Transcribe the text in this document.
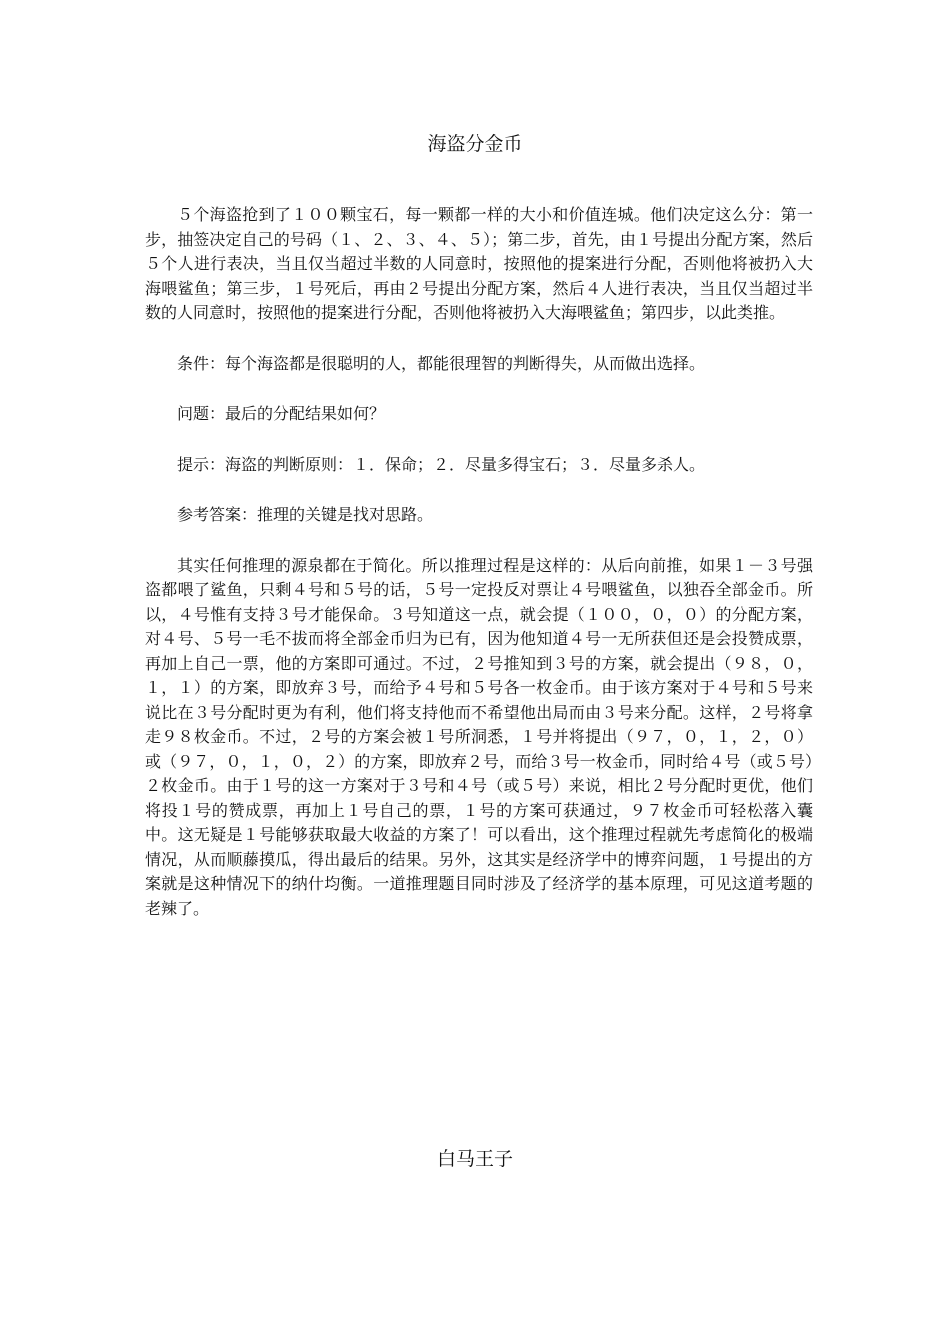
海盗分金币

５个海盗抢到了１００颗宝石，每一颗都一样的大小和价值连城。他们决定这么分：第一步，抽签决定自己的号码（１、２、３、４、５）；第二步，首先，由１号提出分配方案，然后５个人进行表决，当且仅当超过半数的人同意时，按照他的提案进行分配，否则他将被扔入大海喂鲨鱼；第三步，１号死后，再由２号提出分配方案，然后４人进行表决，当且仅当超过半数的人同意时，按照他的提案进行分配，否则他将被扔入大海喂鲨鱼；第四步，以此类推。

条件：每个海盗都是很聪明的人，都能很理智的判断得失，从而做出选择。

问题：最后的分配结果如何？

提示：海盗的判断原则：１．保命；２．尽量多得宝石；３．尽量多杀人。

参考答案：推理的关键是找对思路。

其实任何推理的源泉都在于简化。所以推理过程是这样的：从后向前推，如果１－３号强盗都喂了鲨鱼，只剩４号和５号的话，５号一定投反对票让４号喂鲨鱼，以独吞全部金币。所以，４号惟有支持３号才能保命。３号知道这一点，就会提（１００，０，０）的分配方案，对４号、５号一毛不拔而将全部金币归为已有，因为他知道４号一无所获但还是会投赞成票，再加上自己一票，他的方案即可通过。不过，２号推知到３号的方案，就会提出（９８，０，１，１）的方案，即放弃３号，而给予４号和５号各一枚金币。由于该方案对于４号和５号来说比在３号分配时更为有利，他们将支持他而不希望他出局而由３号来分配。这样，２号将拿走９８枚金币。不过，２号的方案会被１号所洞悉，１号并将提出（９７，０，１，２，０）或（９７，０，１，０，２）的方案，即放弃２号，而给３号一枚金币，同时给４号（或５号）２枚金币。由于１号的这一方案对于３号和４号（或５号）来说，相比２号分配时更优，他们将投１号的赞成票，再加上１号自己的票，１号的方案可获通过，９７枚金币可轻松落入囊中。这无疑是１号能够获取最大收益的方案了！可以看出，这个推理过程就先考虑简化的极端情况，从而顺藤摸瓜，得出最后的结果。另外，这其实是经济学中的博弈问题，１号提出的方案就是这种情况下的纳什均衡。一道推理题目同时涉及了经济学的基本原理，可见这道考题的老辣了。

白马王子
